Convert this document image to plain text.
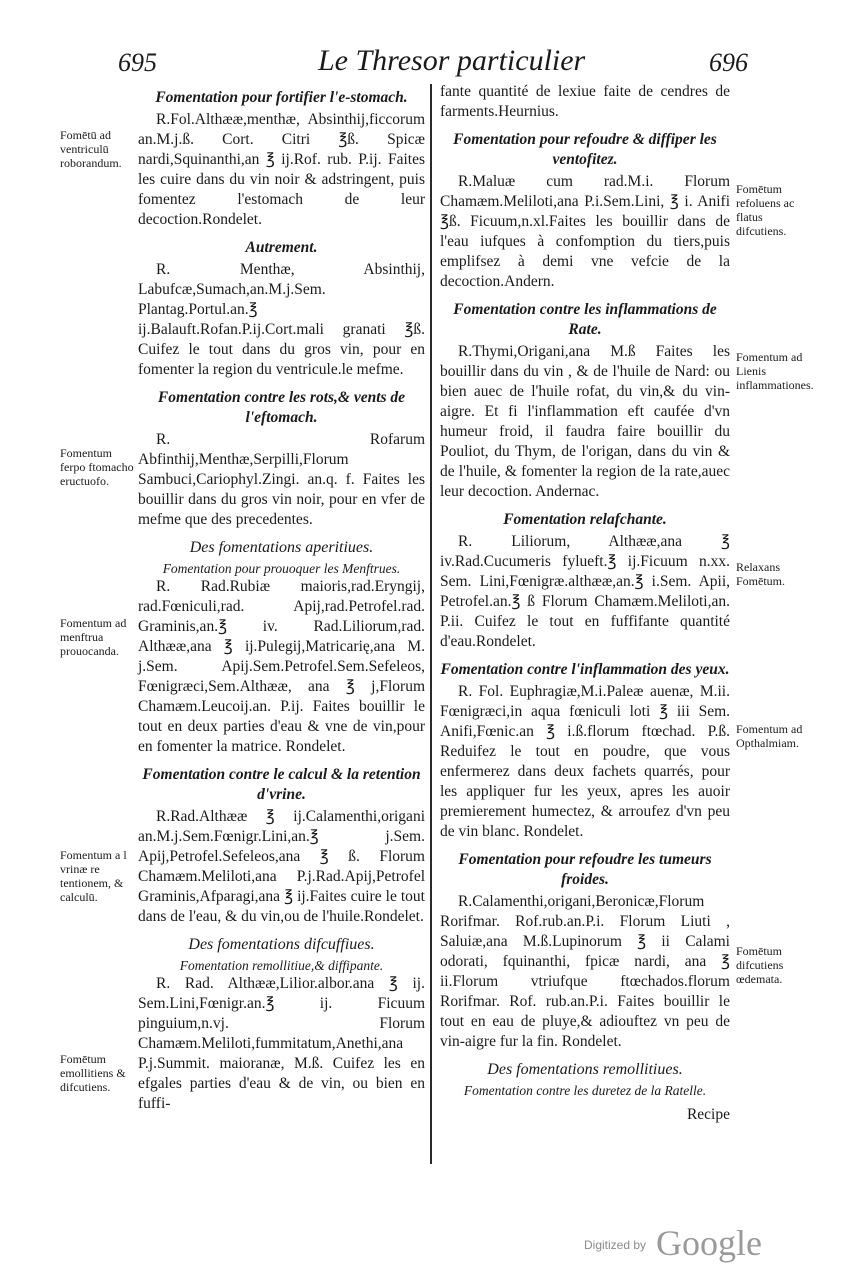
695	Le Thresor particulier	696
Fomentation pour fortifier l'e-stomach.

R.Fol.Althææ,menthæ, Absinthij,ficcorum an.M.j.ß. Cort. Citri ℥ß. Spicæ nardi,Squinanthi,an ℥ ij.Rof. rub. P.ij. Faites les cuire dans du vin noir & adstringent, puis fomentez l'estomach de leur decoction.Rondelet.

Autrement.

R. Menthæ, Absinthij, Labufcæ,Sumach,an.M.j.Sem. Plantag.Portul.an.℥ ij.Balauft.Rofan.P.ij.Cort.mali granati ℥ß. Cuifez le tout dans du gros vin, pour en fomenter la region du ventricule.le mefme.

Fomentation contre les rots,& vents de l'eftomach.

R. Rofarum Abfinthij,Menthæ,Serpilli,Florum Sambuci,Cariophyl.Zingi. an.q. f. Faites les bouillir dans du gros vin noir, pour en vfer de mefme que des precedentes.

Des fomentations aperitiues.
Fomentation pour prouoquer les Menftrues.

R. Rad.Rubiæ maioris,rad.Eryngij, rad.Fœniculi,rad. Apij,rad.Petrofel.rad. Graminis,an.℥ iv. Rad.Liliorum,rad. Althææ,ana ℥ ij.Pulegij,Matricarię,ana M. j.Sem. Apij.Sem.Petrofel.Sem.Sefeleos, Fœnigræci,Sem.Althææ, ana ℥ j,Florum Chamæm.Leucoij.an. P.ij. Faites bouillir le tout en deux parties d'eau & vne de vin,pour en fomenter la matrice. Rondelet.

Fomentation contre le calcul & la retention d'vrine.

R.Rad.Althææ ℥ ij.Calamenthi,origani an.M.j.Sem.Fœnigr.Lini,an.℥ j.Sem. Apij,Petrofel.Sefeleos,ana ℥ ß. Florum Chamæm.Meliloti,ana P.j.Rad.Apij,Petrofel Graminis,Afparagi,ana ℥ ij.Faites cuire le tout dans de l'eau, & du vin,ou de l'huile.Rondelet.

Des fomentations difcuffiues.
Fomentation remollitiue,& diffipante.

R. Rad. Althææ,Lilior.albor.ana ℥ ij. Sem.Lini,Fœnigr.an.℥ ij. Ficuum pinguium,n.vj. Florum Chamæm.Meliloti,fummitatum,Anethi,ana P.j.Summit. maioranæ, M.ß. Cuifez les en efgales parties d'eau & de vin, ou bien en fuffi-

fante quantité de lexiue faite de cendres de farments.Heurnius.

Fomentation pour refoudre & diffiper les ventofitez.

R.Maluæ cum rad.M.i. Florum Chamæm.Meliloti,ana P.i.Sem.Lini, ℥ i. Anifi ℥ß. Ficuum,n.xl.Faites les bouillir dans de l'eau iufques à confomption du tiers,puis emplifsez à demi vne vefcie de la decoction.Andern.

Fomentation contre les inflammations de Rate.

R.Thymi,Origani,ana M.ß Faites les bouillir dans du vin , & de l'huile de Nard: ou bien auec de l'huile rofat, du vin,& du vin-aigre. Et fi l'inflammation eft caufée d'vn humeur froid, il faudra faire bouillir du Pouliot, du Thym, de l'origan, dans du vin & de l'huile, & fomenter la region de la rate,auec leur decoction. Andernac.

Fomentation relafchante.

R. Liliorum, Althææ,ana ℥ iv.Rad.Cucumeris fylueft.℥ ij.Ficuum n.xx. Sem. Lini,Fœnigræ.althææ,an.℥ i.Sem. Apii, Petrofel.an.℥ ß Florum Chamæm.Meliloti,an. P.ii. Cuifez le tout en fuffifante quantité d'eau.Rondelet.

Fomentation contre l'inflammation des yeux.

R. Fol. Euphragiæ,M.i.Paleæ auenæ, M.ii. Fœnigræci,in aqua fœniculi loti ℥ iii Sem. Anifi,Fœnic.an ℥ i.ß.florum ftœchad. P.ß. Reduifez le tout en poudre, que vous enfermerez dans deux fachets quarrés, pour les appliquer fur les yeux, apres les auoir premierement humectez, & arroufez d'vn peu de vin blanc. Rondelet.

Fomentation pour refoudre les tumeurs froides.

R.Calamenthi,origani,Beronicæ,Florum Rorifmar. Rof.rub.an.P.i. Florum Liuti , Saluiæ,ana M.ß.Lupinorum ℥ ii Calami odorati, fquinanthi, fpicæ nardi, ana ℥ ii.Florum vtriufque ftœchados.florum Rorifmar. Rof. rub.an.P.i. Faites bouillir le tout en eau de pluye,& adiouftez vn peu de vin-aigre fur la fin. Rondelet.

Des fomentations remollitiues.
Fomentation contre les duretez de la Ratelle.
Recipe
Fomētū ad ventriculū roborandum.
Fomentum ferpo ftomacho eructuofo.
Fomentum ad menftrua prouocanda.
Fomentum a l vrinæ re tentionem, & calculū.
Fomētum emollitiens & difcutiens.
Fomētum refoluens ac flatus difcutiens.
Fomentum ad Lienis inflammationes.
Relaxans Fomētum.
Fomentum ad Opthalmiam.
Fomētum difcutiens œdemata.
Digitized by Google
